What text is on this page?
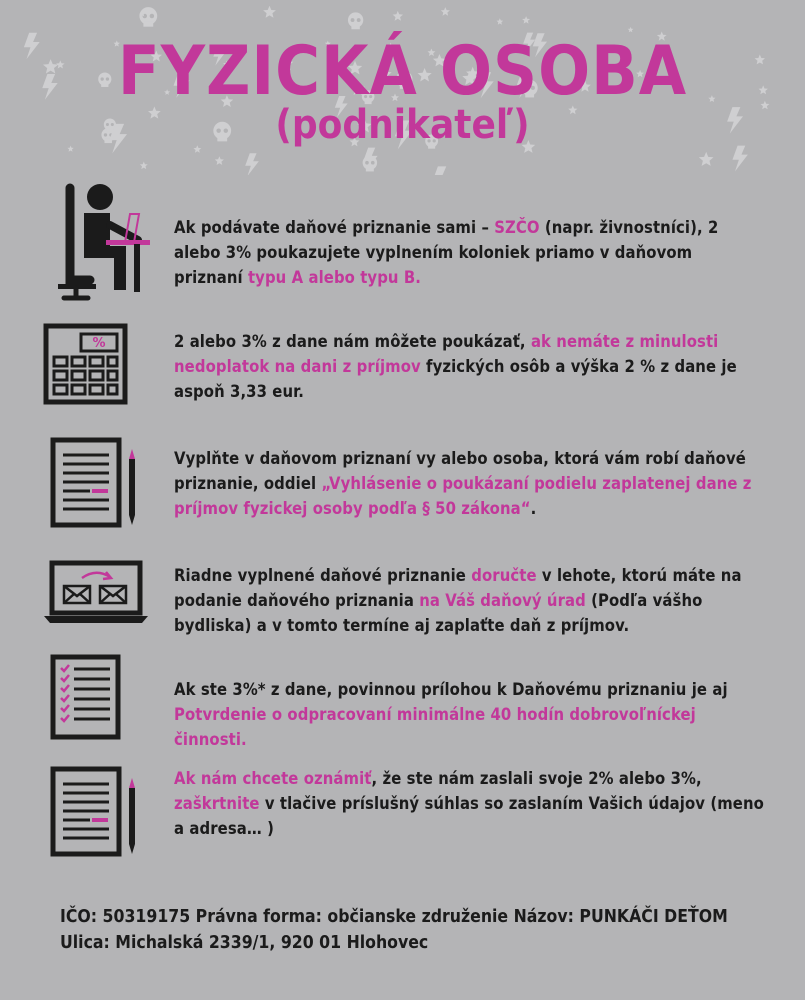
FYZICKÁ OSOBA
(podnikateľ)
Ak podávate daňové priznanie sami – SZČO (napr. živnostníci), 2 alebo 3% poukazujete vyplnením koloniek priamo v daňovom priznaní typu A alebo typu B.
%	2 alebo 3% z dane nám môžete poukázať, ak nemáte z minulosti nedoplatok na dani z príjmov fyzických osôb a výška 2 % z dane je aspoň 3,33 eur.
Vyplňte v daňovom priznaní vy alebo osoba, ktorá vám robí daňové priznanie, oddiel „Vyhlásenie o poukázaní podielu zaplatenej dane z príjmov fyzickej osoby podľa § 50 zákona“.
Riadne vyplnené daňové priznanie doručte v lehote, ktorú máte na podanie daňového priznania na Váš daňový úrad (Podľa vášho bydliska) a v tomto termíne aj zaplaťte daň z príjmov.
Ak ste 3%* z dane, povinnou prílohou k Daňovému priznaniu je aj Potvrdenie o odpracovaní minimálne 40 hodín dobrovoľníckej činnosti.
Ak nám chcete oznámiť, že ste nám zaslali svoje 2% alebo 3%, zaškrtnite v tlačive príslušný súhlas so zaslaním Vašich údajov (meno a adresa… )
IČO: 50319175 Právna forma: občianske združenie Názov: PUNKÁČI DEŤOM
Ulica: Michalská 2339/1, 920 01 Hlohovec
